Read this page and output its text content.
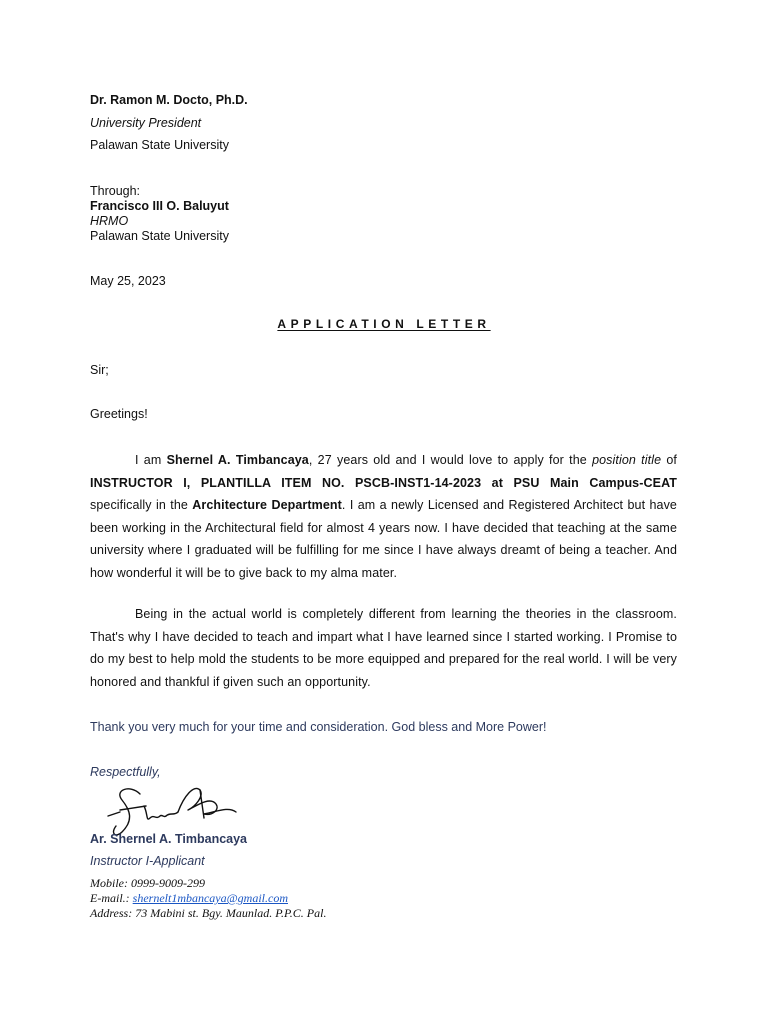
Dr. Ramon M. Docto, Ph.D.
University President
Palawan State University
Through:
Francisco III O. Baluyut
HRMO
Palawan State University
May 25, 2023
APPLICATION LETTER
Sir;
Greetings!
I am Shernel A. Timbancaya, 27 years old and I would love to apply for the position title of INSTRUCTOR I, PLANTILLA ITEM NO. PSCB-INST1-14-2023 at PSU Main Campus-CEAT specifically in the Architecture Department. I am a newly Licensed and Registered Architect but have been working in the Architectural field for almost 4 years now. I have decided that teaching at the same university where I graduated will be fulfilling for me since I have always dreamt of being a teacher. And how wonderful it will be to give back to my alma mater.
Being in the actual world is completely different from learning the theories in the classroom. That's why I have decided to teach and impart what I have learned since I started working. I Promise to do my best to help mold the students to be more equipped and prepared for the real world. I will be very honored and thankful if given such an opportunity.
Thank you very much for your time and consideration. God bless and More Power!
Respectfully,
Ar. Shernel A. Timbancaya
Instructor I-Applicant
Mobile: 0999-9009-299
E-mail.: shernelt1mbancaya@gmail.com
Address: 73 Mabini st. Bgy. Maunlad. P.P.C. Pal.
